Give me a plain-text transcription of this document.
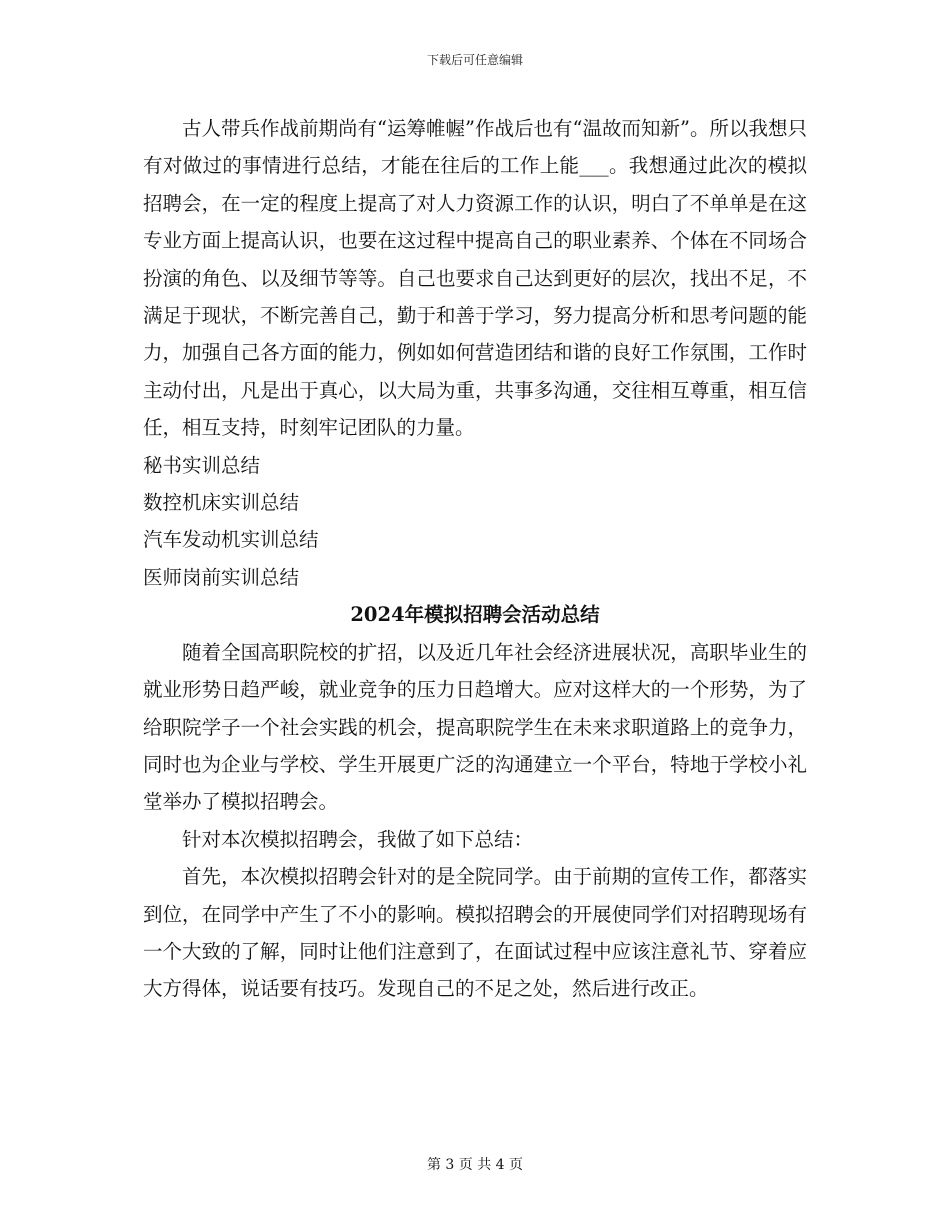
下载后可任意编辑

古人带兵作战前期尚有“运筹帷幄”作战后也有“温故而知新”。所以我想只有对做过的事情进行总结，才能在往后的工作上能___。我想通过此次的模拟招聘会，在一定的程度上提高了对人力资源工作的认识，明白了不单单是在这专业方面上提高认识，也要在这过程中提高自己的职业素养、个体在不同场合扮演的角色、以及细节等等。自己也要求自己达到更好的层次，找出不足，不满足于现状，不断完善自己，勤于和善于学习，努力提高分析和思考问题的能力，加强自己各方面的能力，例如如何营造团结和谐的良好工作氛围，工作时主动付出，凡是出于真心，以大局为重，共事多沟通，交往相互尊重，相互信任，相互支持，时刻牢记团队的力量。

秘书实训总结

数控机床实训总结

汽车发动机实训总结

医师岗前实训总结

2024年模拟招聘会活动总结

随着全国高职院校的扩招，以及近几年社会经济进展状况，高职毕业生的就业形势日趋严峻，就业竞争的压力日趋增大。应对这样大的一个形势，为了给职院学子一个社会实践的机会，提高职院学生在未来求职道路上的竞争力，同时也为企业与学校、学生开展更广泛的沟通建立一个平台，特地于学校小礼堂举办了模拟招聘会。

针对本次模拟招聘会，我做了如下总结：

首先，本次模拟招聘会针对的是全院同学。由于前期的宣传工作，都落实到位，在同学中产生了不小的影响。模拟招聘会的开展使同学们对招聘现场有一个大致的了解，同时让他们注意到了，在面试过程中应该注意礼节、穿着应大方得体，说话要有技巧。发现自己的不足之处，然后进行改正。

第 3 页 共 4 页
